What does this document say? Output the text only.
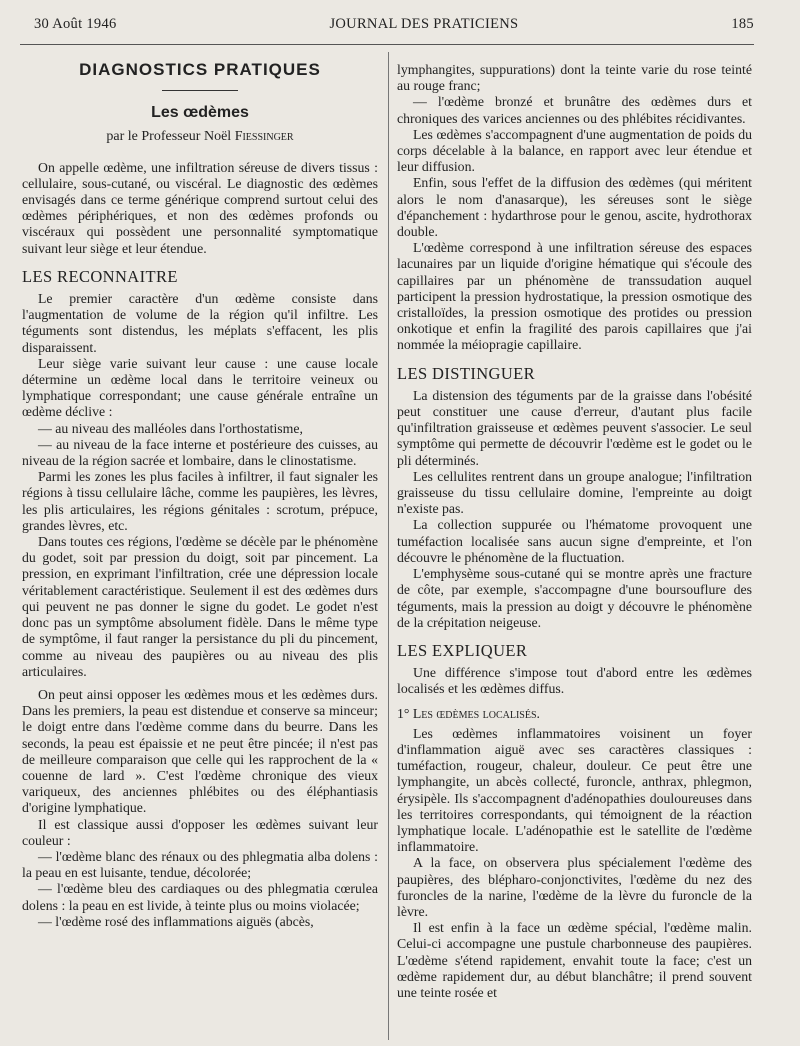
30 Août 1946	JOURNAL DES PRATICIENS	185
DIAGNOSTICS PRATIQUES
Les œdèmes
par le Professeur Noël Fiessinger

On appelle œdème, une infiltration séreuse de divers tissus : cellulaire, sous-cutané, ou viscéral. Le diagnostic des œdèmes envisagés dans ce terme générique comprend surtout celui des œdèmes périphériques, et non des œdèmes profonds ou viscéraux qui possèdent une personnalité symptomatique suivant leur siège et leur étendue.

LES RECONNAITRE

Le premier caractère d'un œdème consiste dans l'augmentation de volume de la région qu'il infiltre. Les téguments sont distendus, les méplats s'effacent, les plis disparaissent.

Leur siège varie suivant leur cause : une cause locale détermine un œdème local dans le territoire veineux ou lymphatique correspondant; une cause générale entraîne un œdème déclive :

— au niveau des malléoles dans l'orthostatisme,

— au niveau de la face interne et postérieure des cuisses, au niveau de la région sacrée et lombaire, dans le clinostatisme.

Parmi les zones les plus faciles à infiltrer, il faut signaler les régions à tissu cellulaire lâche, comme les paupières, les lèvres, les plis articulaires, les régions génitales : scrotum, prépuce, grandes lèvres, etc.

Dans toutes ces régions, l'œdème se décèle par le phénomène du godet, soit par pression du doigt, soit par pincement. La pression, en exprimant l'infiltration, crée une dépression locale véritablement caractéristique. Seulement il est des œdèmes durs qui peuvent ne pas donner le signe du godet. Le godet n'est donc pas un symptôme absolument fidèle. Dans le même type de symptôme, il faut ranger la persistance du pli du pincement, comme au niveau des paupières ou au niveau des plis articulaires.

On peut ainsi opposer les œdèmes mous et les œdèmes durs. Dans les premiers, la peau est distendue et conserve sa minceur; le doigt entre dans l'œdème comme dans du beurre. Dans les seconds, la peau est épaissie et ne peut être pincée; il n'est pas de meilleure comparaison que celle qui les rapprochent de la « couenne de lard ». C'est l'œdème chronique des vieux variqueux, des anciennes phlébites ou des éléphantiasis d'origine lymphatique.

Il est classique aussi d'opposer les œdèmes suivant leur couleur :

— l'œdème blanc des rénaux ou des phlegmatia alba dolens : la peau en est luisante, tendue, décolorée;

— l'œdème bleu des cardiaques ou des phlegmatia cœrulea dolens : la peau en est livide, à teinte plus ou moins violacée;

— l'œdème rosé des inflammations aiguës (abcès,

lymphangites, suppurations) dont la teinte varie du rose teinté au rouge franc;

— l'œdème bronzé et brunâtre des œdèmes durs et chroniques des varices anciennes ou des phlébites récidivantes.

Les œdèmes s'accompagnent d'une augmentation de poids du corps décelable à la balance, en rapport avec leur étendue et leur diffusion.

Enfin, sous l'effet de la diffusion des œdèmes (qui méritent alors le nom d'anasarque), les séreuses sont le siège d'épanchement : hydarthrose pour le genou, ascite, hydrothorax double.

L'œdème correspond à une infiltration séreuse des espaces lacunaires par un liquide d'origine hématique qui s'écoule des capillaires par un phénomène de transsudation auquel participent la pression hydrostatique, la pression osmotique des cristalloïdes, la pression osmotique des protides ou pression onkotique et enfin la fragilité des parois capillaires que j'ai nommée la méiopragie capillaire.

LES DISTINGUER

La distension des téguments par de la graisse dans l'obésité peut constituer une cause d'erreur, d'autant plus facile qu'infiltration graisseuse et œdèmes peuvent s'associer. Le seul symptôme qui permette de découvrir l'œdème est le godet ou le pli déterminés.

Les cellulites rentrent dans un groupe analogue; l'infiltration graisseuse du tissu cellulaire domine, l'empreinte au doigt n'existe pas.

La collection suppurée ou l'hématome provoquent une tuméfaction localisée sans aucun signe d'empreinte, et l'on découvre le phénomène de la fluctuation.

L'emphysème sous-cutané qui se montre après une fracture de côte, par exemple, s'accompagne d'une boursouflure des téguments, mais la pression au doigt y découvre le phénomène de la crépitation neigeuse.

LES EXPLIQUER

Une différence s'impose tout d'abord entre les œdèmes localisés et les œdèmes diffus.

1° Les œdèmes localisés.

Les œdèmes inflammatoires voisinent un foyer d'inflammation aiguë avec ses caractères classiques : tuméfaction, rougeur, chaleur, douleur. Ce peut être une lymphangite, un abcès collecté, furoncle, anthrax, phlegmon, érysipèle. Ils s'accompagnent d'adénopathies douloureuses dans les territoires correspondants, qui témoignent de la réaction lymphatique locale. L'adénopathie est le satellite de l'œdème inflammatoire.

A la face, on observera plus spécialement l'œdème des paupières, des blépharo-conjonctivites, l'œdème du nez des furoncles de la narine, l'œdème de la lèvre du furoncle de la lèvre.

Il est enfin à la face un œdème spécial, l'œdème malin. Celui-ci accompagne une pustule charbonneuse des paupières. L'œdème s'étend rapidement, envahit toute la face; c'est un œdème rapidement dur, au début blanchâtre; il prend souvent une teinte rosée et
